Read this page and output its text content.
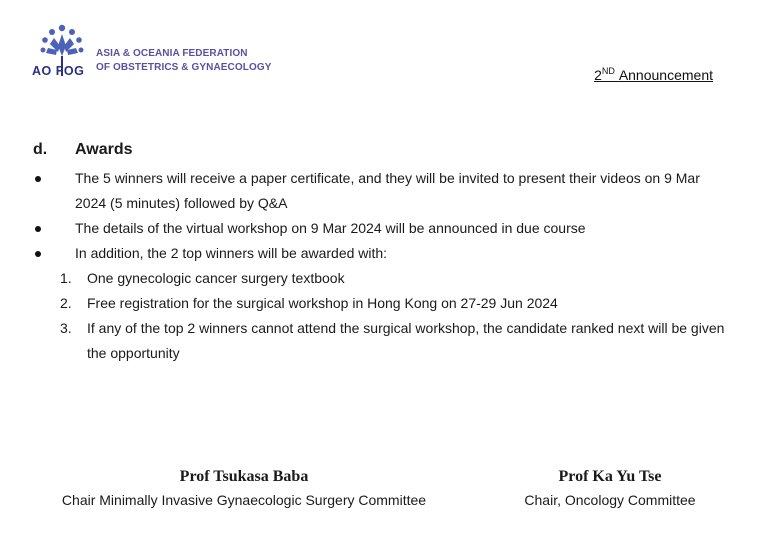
ASIA & OCEANIA FEDERATION
OF OBSTETRICS & GYNAECOLOGY
AO FOG	2ND Announcement
d. Awards
The 5 winners will receive a paper certificate, and they will be invited to present their videos on 9 Mar 2024 (5 minutes) followed by Q&A
The details of the virtual workshop on 9 Mar 2024 will be announced in due course
In addition, the 2 top winners will be awarded with:
1. One gynecologic cancer surgery textbook
2. Free registration for the surgical workshop in Hong Kong on 27-29 Jun 2024
3. If any of the top 2 winners cannot attend the surgical workshop, the candidate ranked next will be given the opportunity
Prof Tsukasa Baba
Chair Minimally Invasive Gynaecologic Surgery Committee
Prof Ka Yu Tse
Chair, Oncology Committee
